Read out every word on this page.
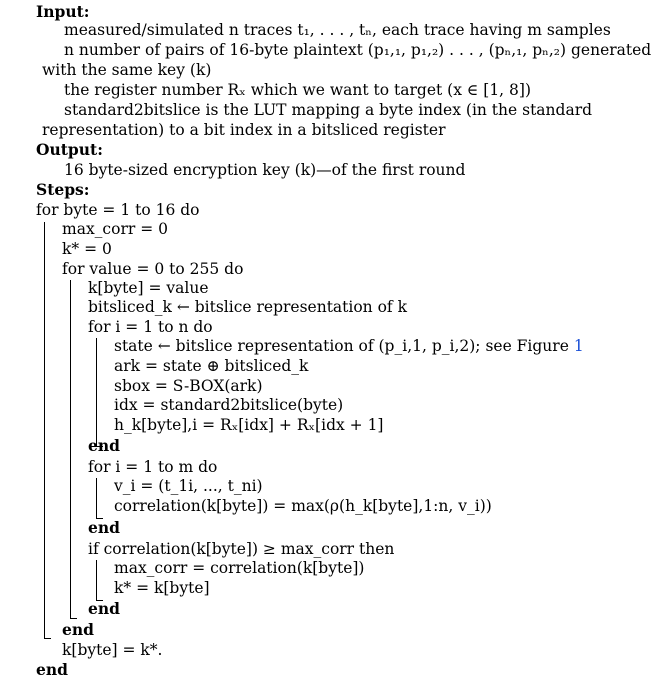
Input:
measured/simulated n traces t₁, . . . , tₙ, each trace having m samples
n number of pairs of 16-byte plaintext (p₁,₁, p₁,₂) . . . , (pₙ,₁, pₙ,₂) generated
with the same key (k)
the register number Rₓ which we want to target (x ∈ [1, 8])
standard2bitslice is the LUT mapping a byte index (in the standard
representation) to a bit index in a bitsliced register
Output:
16 byte-sized encryption key (k)—of the first round
Steps:
for byte = 1 to 16 do
max_corr = 0
k* = 0
for value = 0 to 255 do
k[byte] = value
bitsliced_k ← bitslice representation of k
for i = 1 to n do
state ← bitslice representation of (p_i,1, p_i,2); see Figure 1
ark = state ⊕ bitsliced_k
sbox = S-BOX(ark)
idx = standard2bitslice(byte)
h_k[byte],i = Rₓ[idx] + Rₓ[idx + 1]
end
for i = 1 to m do
v_i = (t_1i, ..., t_ni)
correlation(k[byte]) = max(ρ(h_k[byte],1:n, v_i))
end
if correlation(k[byte]) ≥ max_corr then
max_corr = correlation(k[byte])
k* = k[byte]
end
end
k[byte] = k*.
end
